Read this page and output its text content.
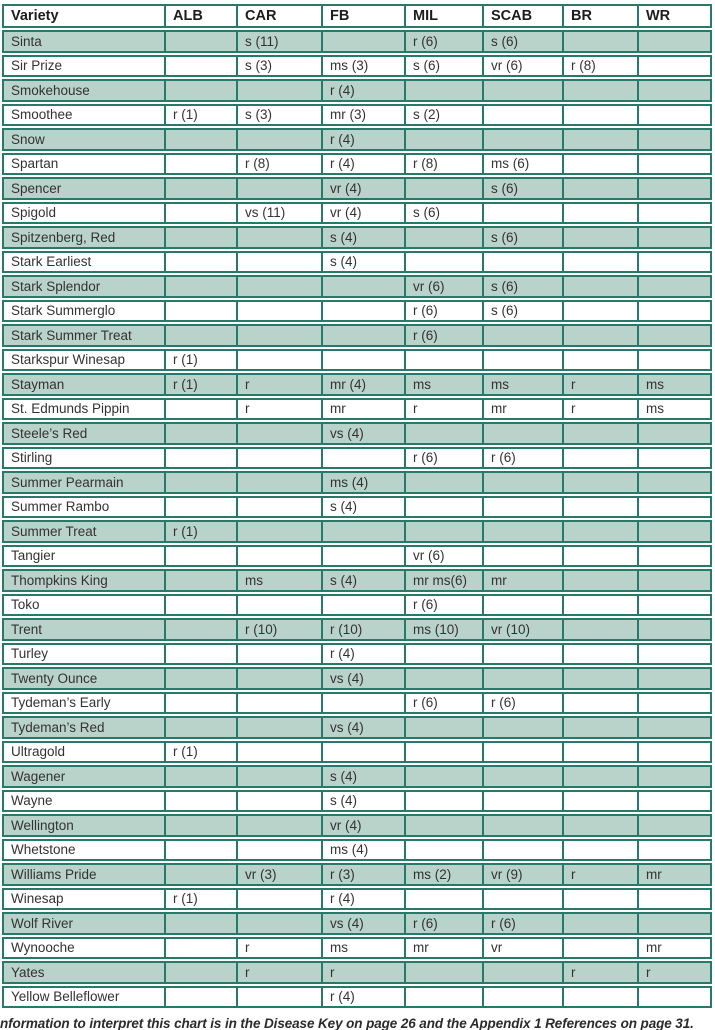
Variety	ALB	CAR	FB	MIL	SCAB	BR	WR
Sinta		s (11)		r (6)	s (6)		
Sir Prize		s (3)	ms (3)	s (6)	vr (6)	r (8)	
Smokehouse			r (4)				
Smoothee	r (1)	s (3)	mr (3)	s (2)			
Snow			r (4)				
Spartan		r (8)	r (4)	r (8)	ms (6)		
Spencer			vr (4)		s (6)		
Spigold		vs (11)	vr (4)	s (6)			
Spitzenberg, Red			s (4)		s (6)		
Stark Earliest			s (4)				
Stark Splendor				vr (6)	s (6)		
Stark Summerglo				r (6)	s (6)		
Stark Summer Treat				r (6)			
Starkspur Winesap	r (1)						
Stayman	r (1)	r	mr (4)	ms	ms	r	ms
St. Edmunds Pippin		r	mr	r	mr	r	ms
Steele’s Red			vs (4)				
Stirling				r (6)	r (6)		
Summer Pearmain			ms (4)				
Summer Rambo			s (4)				
Summer Treat	r (1)						
Tangier				vr (6)			
Thompkins King		ms	s (4)	mr ms(6)	mr		
Toko				r (6)			
Trent		r (10)	r (10)	ms (10)	vr (10)		
Turley			r (4)				
Twenty Ounce			vs (4)				
Tydeman’s Early				r (6)	r (6)		
Tydeman’s Red			vs (4)				
Ultragold	r (1)						
Wagener			s (4)				
Wayne			s (4)				
Wellington			vr (4)				
Whetstone			ms (4)				
Williams Pride		vr (3)	r (3)	ms (2)	vr (9)	r	mr
Winesap	r (1)		r (4)				
Wolf River			vs (4)	r (6)	r (6)		
Wynooche		r	ms	mr	vr		mr
Yates		r	r			r	r
Yellow Belleflower			r (4)				
nformation to interpret this chart is in the Disease Key on page 26 and the Appendix 1 References on page 31.
